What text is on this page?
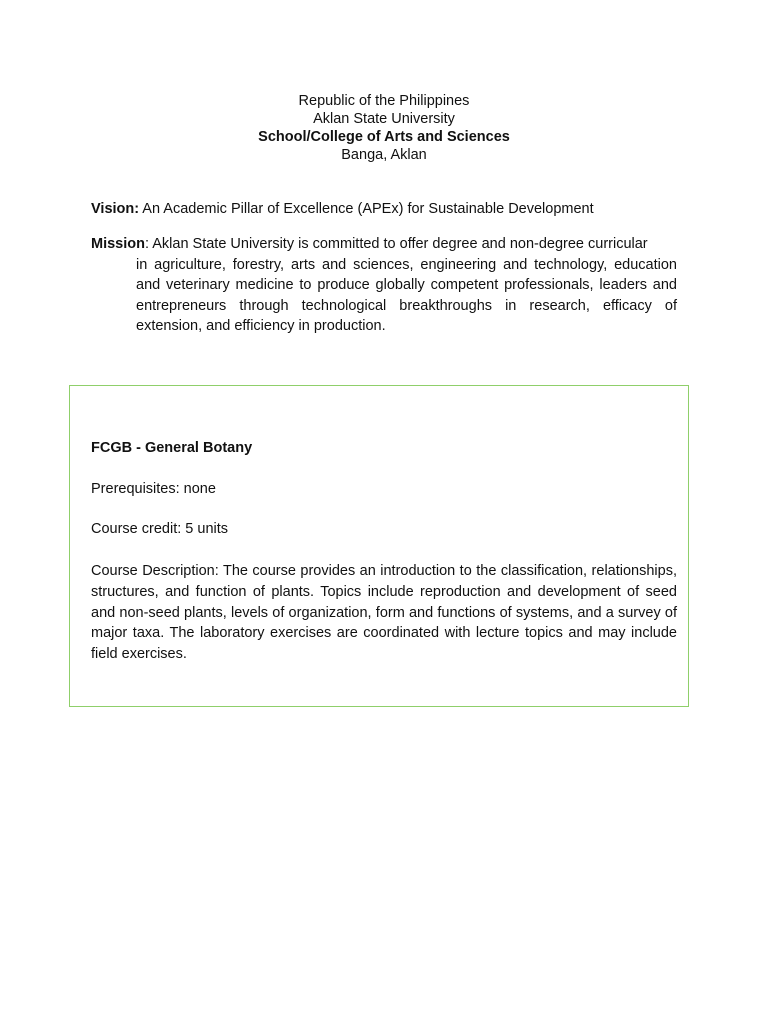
Republic of the Philippines
Aklan State University
School/College of Arts and Sciences
Banga, Aklan
Vision: An Academic Pillar of Excellence (APEx) for Sustainable Development
Mission: Aklan State University is committed to offer degree and non-degree curricular
in agriculture, forestry, arts and sciences, engineering and technology, education and veterinary medicine to produce globally competent professionals, leaders and entrepreneurs through technological breakthroughs in research, efficacy of extension, and efficiency in production.
FCGB - General Botany
Prerequisites: none
Course credit: 5 units
Course Description: The course provides an introduction to the classification, relationships, structures, and function of plants. Topics include reproduction and development of seed and non-seed plants, levels of organization, form and functions of systems, and a survey of major taxa. The laboratory exercises are coordinated with lecture topics and may include field exercises.
